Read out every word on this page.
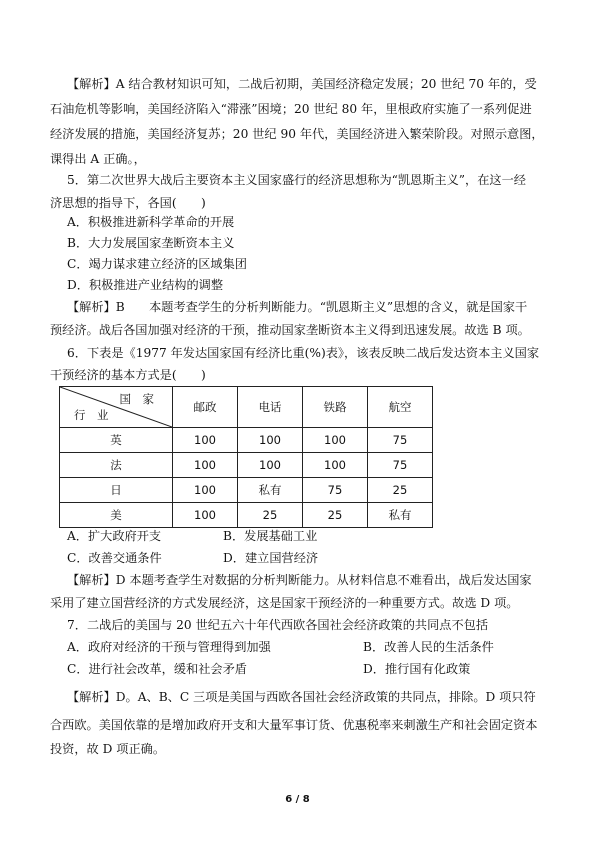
【解析】A 结合教材知识可知，二战后初期，美国经济稳定发展；20 世纪 70 年的，受
石油危机等影响，美国经济陷入“滞涨”困境；20 世纪 80 年，里根政府实施了一系列促进
经济发展的措施，美国经济复苏；20 世纪 90 年代，美国经济进入繁荣阶段。对照示意图，
课得出 A 正确。，
5．第二次世界大战后主要资本主义国家盛行的经济思想称为“凯恩斯主义”，在这一经
济思想的指导下，各国(　　)
A．积极推进新科学革命的开展
B．大力发展国家垄断资本主义
C．竭力谋求建立经济的区域集团
D．积极推进产业结构的调整
【解析】B　　本题考查学生的分析判断能力。“凯恩斯主义”思想的含义，就是国家干
预经济。战后各国加强对经济的干预，推动国家垄断资本主义得到迅速发展。故选 B 项。
6．下表是《1977 年发达国家国有经济比重(%)表》，该表反映二战后发达资本主义国家
干预经济的基本方式是(　　)
国　家
行　业	邮政	电话	铁路	航空
英	100	100	100	75
法	100	100	100	75
日	100	私有	75	25
美	100	25	25	私有
A．扩大政府开支	B．发展基础工业
C．改善交通条件	D．建立国营经济
【解析】D 本题考查学生对数据的分析判断能力。从材料信息不难看出，战后发达国家
采用了建立国营经济的方式发展经济，这是国家干预经济的一种重要方式。故选 D 项。
7．二战后的美国与 20 世纪五六十年代西欧各国社会经济政策的共同点不包括
A．政府对经济的干预与管理得到加强	B．改善人民的生活条件
C．进行社会改革，缓和社会矛盾	D．推行国有化政策
【解析】D。A、B、C 三项是美国与西欧各国社会经济政策的共同点，排除。D 项只符
合西欧。美国依靠的是增加政府开支和大量军事订货、优惠税率来刺激生产和社会固定资本
投资，故 D 项正确。
6 / 8
